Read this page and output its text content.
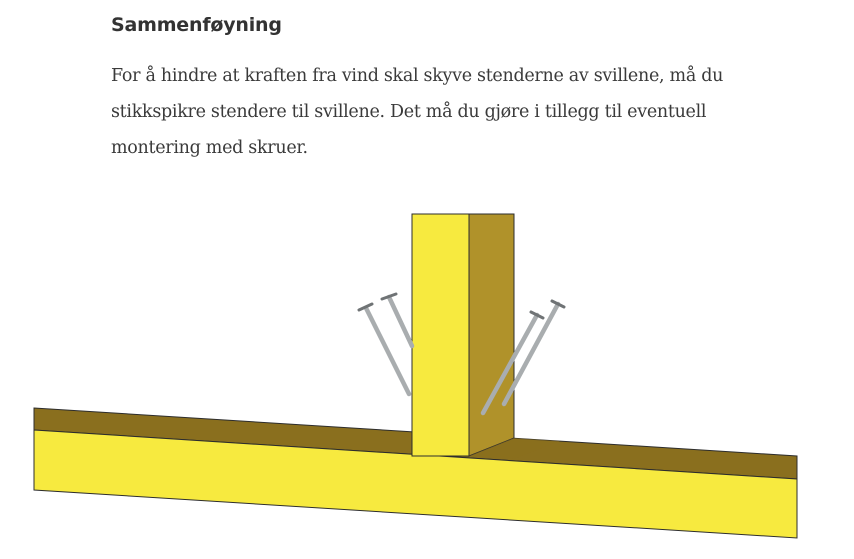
Sammenføyning

For å hindre at kraften fra vind skal skyve stenderne av svillene, må du stikkspikre stendere til svillene. Det må du gjøre i tillegg til eventuell montering med skruer.
